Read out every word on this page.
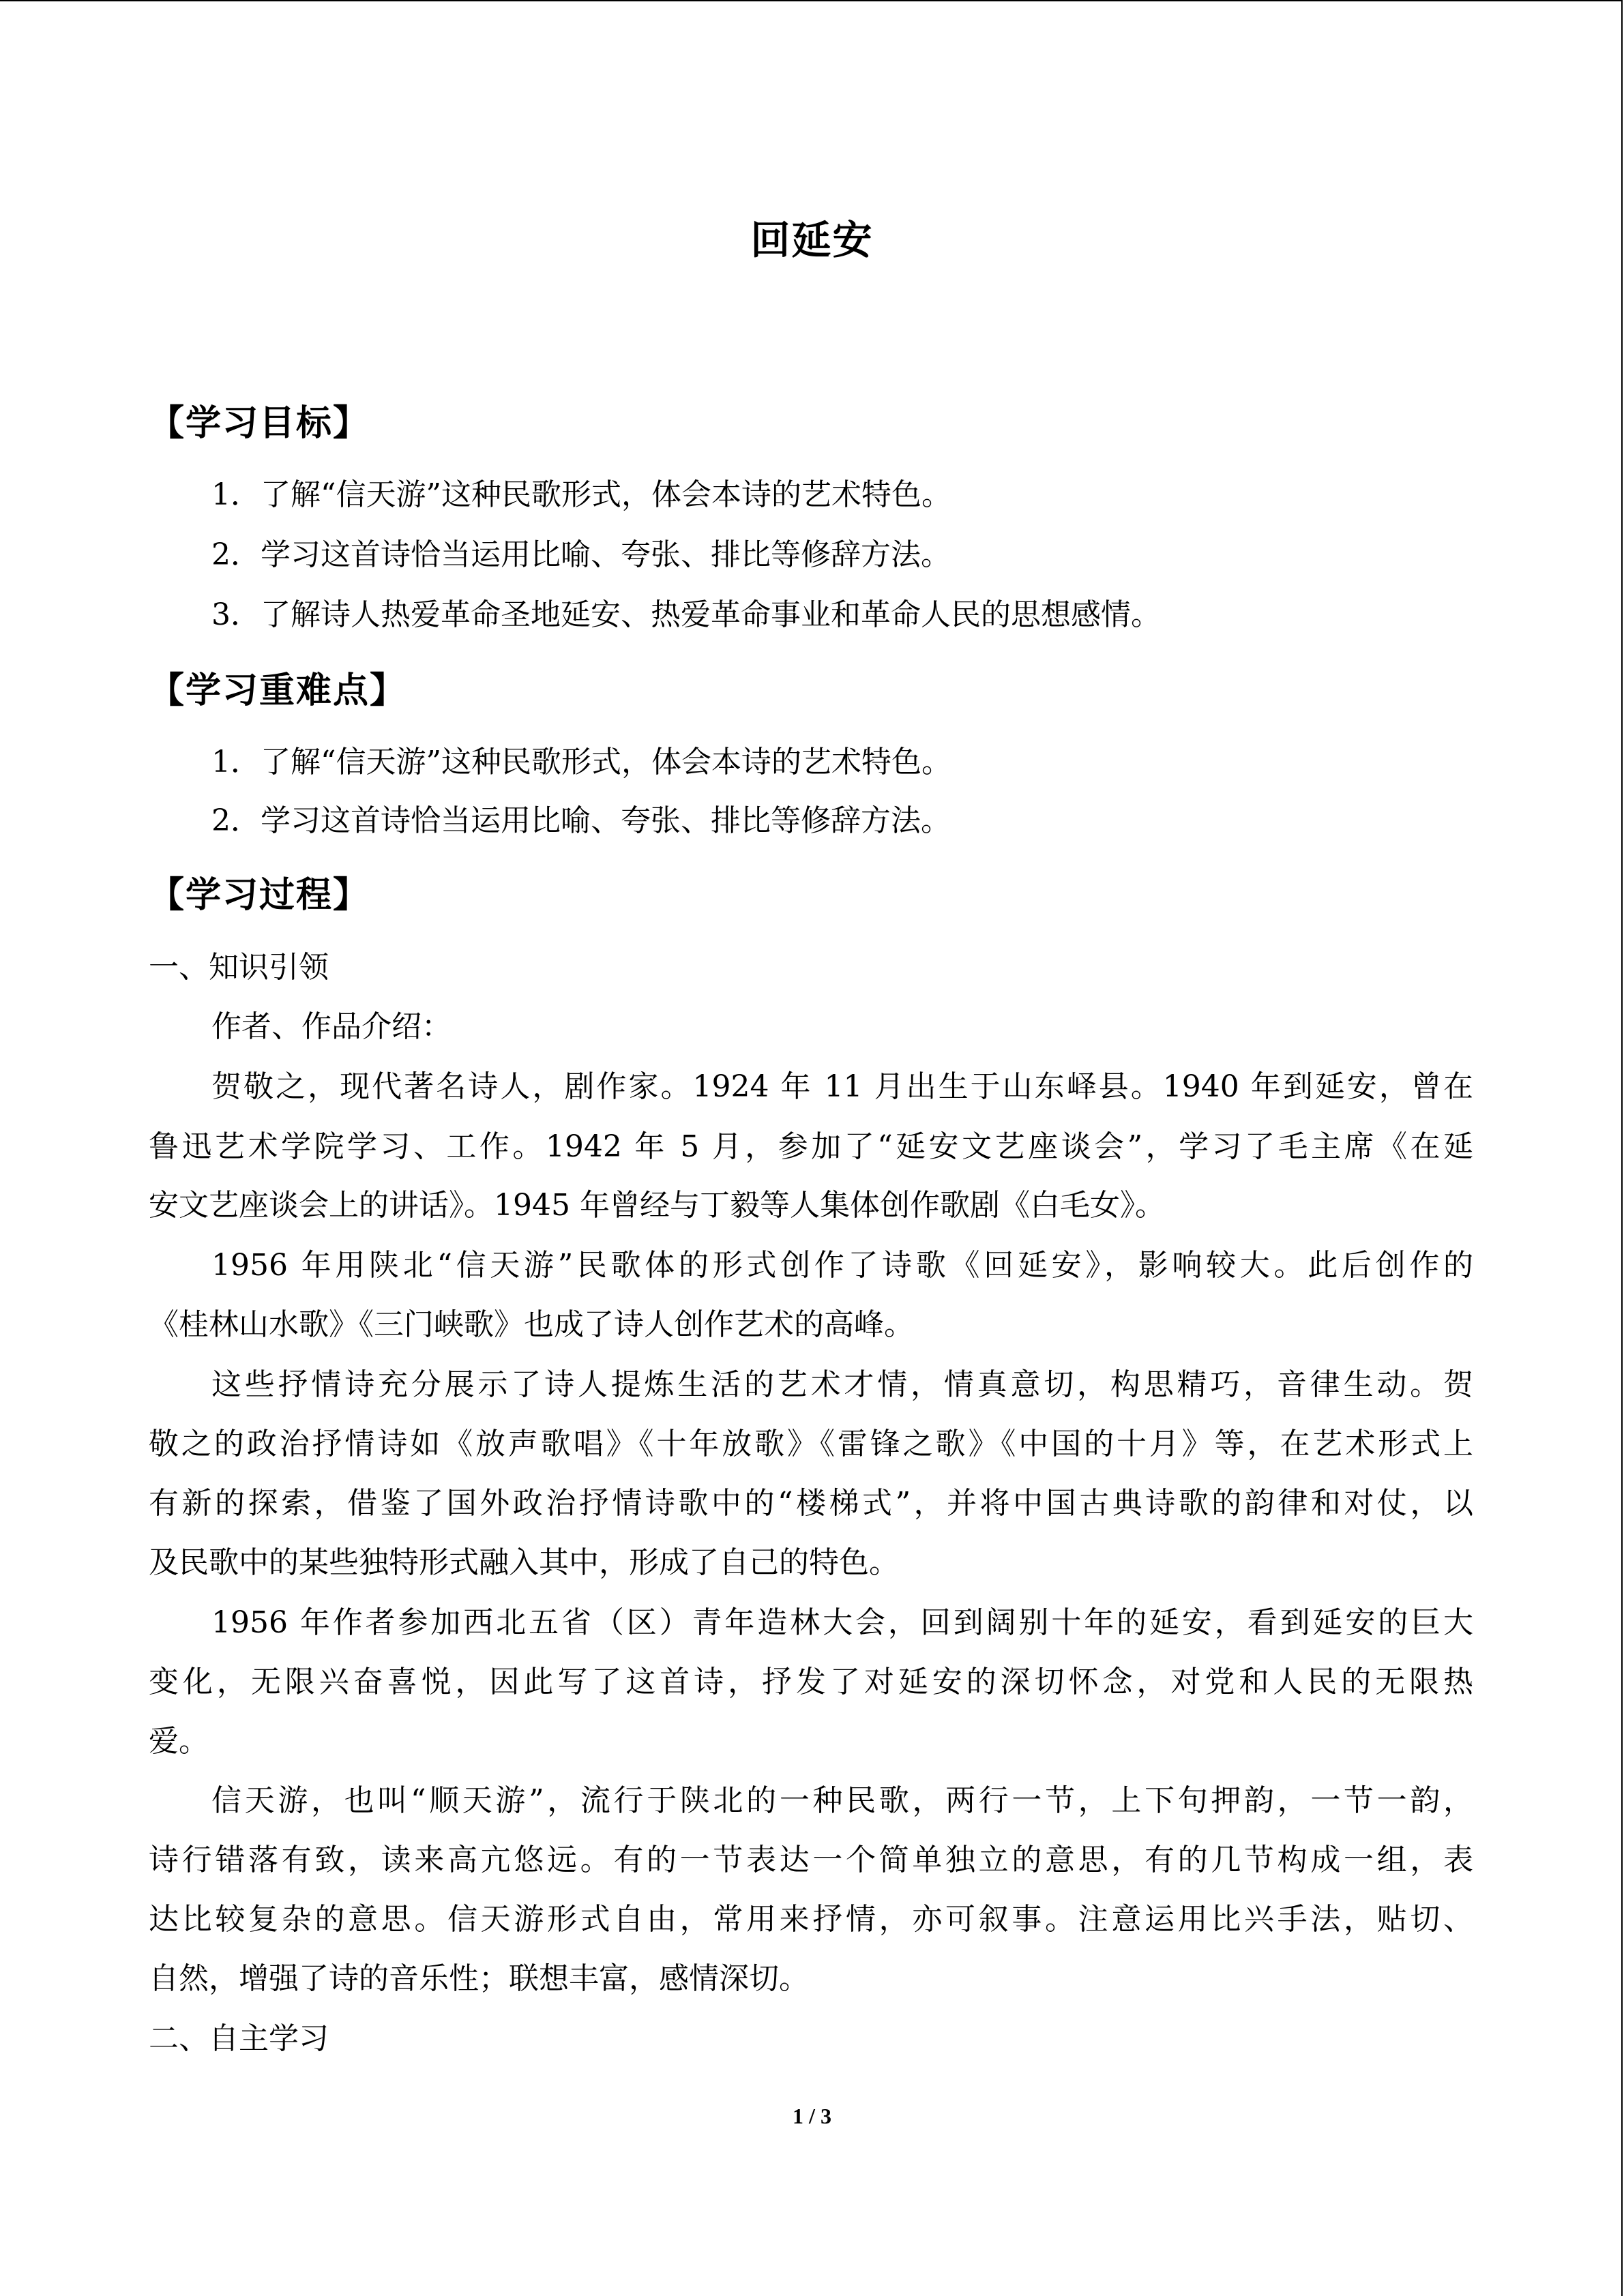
回延安
【学习目标】
1．了解“信天游”这种民歌形式，体会本诗的艺术特色。
2．学习这首诗恰当运用比喻、夸张、排比等修辞方法。
3．了解诗人热爱革命圣地延安、热爱革命事业和革命人民的思想感情。
【学习重难点】
1．了解“信天游”这种民歌形式，体会本诗的艺术特色。
2．学习这首诗恰当运用比喻、夸张、排比等修辞方法。
【学习过程】
一、知识引领
作者、作品介绍：
贺敬之，现代著名诗人，剧作家。1924 年 11 月出生于山东峄县。1940 年到延安，曾在
鲁迅艺术学院学习、工作。1942 年 5 月，参加了“延安文艺座谈会”，学习了毛主席《在延
安文艺座谈会上的讲话》。1945 年曾经与丁毅等人集体创作歌剧《白毛女》。
1956 年用陕北“信天游”民歌体的形式创作了诗歌《回延安》，影响较大。此后创作的
《桂林山水歌》《三门峡歌》也成了诗人创作艺术的高峰。
这些抒情诗充分展示了诗人提炼生活的艺术才情，情真意切，构思精巧，音律生动。贺
敬之的政治抒情诗如《放声歌唱》《十年放歌》《雷锋之歌》《中国的十月》等，在艺术形式上
有新的探索，借鉴了国外政治抒情诗歌中的“楼梯式”，并将中国古典诗歌的韵律和对仗，以
及民歌中的某些独特形式融入其中，形成了自己的特色。
1956 年作者参加西北五省（区）青年造林大会，回到阔别十年的延安，看到延安的巨大
变化，无限兴奋喜悦，因此写了这首诗，抒发了对延安的深切怀念，对党和人民的无限热
爱。
信天游，也叫“顺天游”，流行于陕北的一种民歌，两行一节，上下句押韵，一节一韵，
诗行错落有致，读来高亢悠远。有的一节表达一个简单独立的意思，有的几节构成一组，表
达比较复杂的意思。信天游形式自由，常用来抒情，亦可叙事。注意运用比兴手法，贴切、
自然，增强了诗的音乐性；联想丰富，感情深切。
二、自主学习
1 / 3
